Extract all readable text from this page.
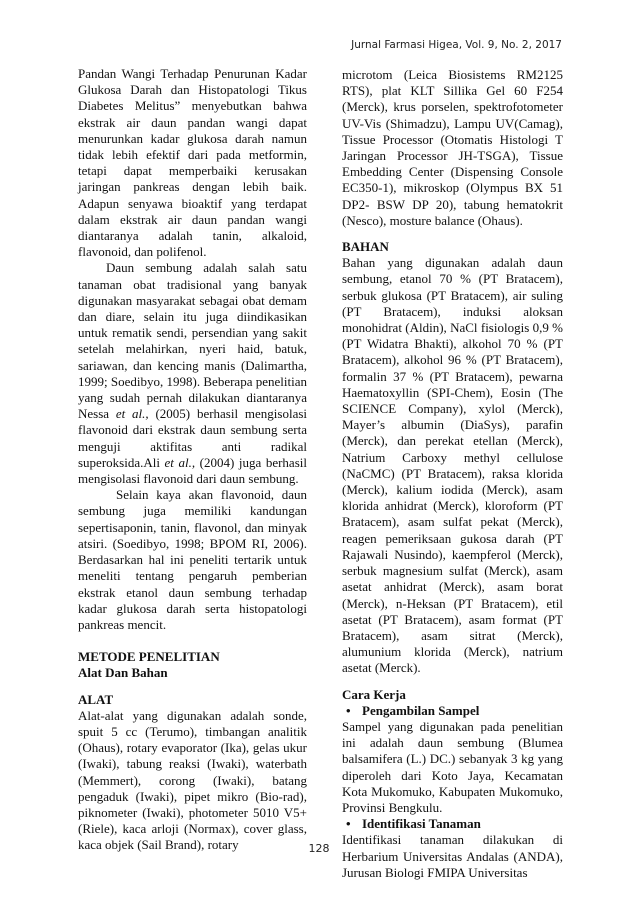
Jurnal Farmasi Higea, Vol. 9, No. 2, 2017

Pandan Wangi Terhadap Penurunan Kadar Glukosa Darah dan Histopatologi Tikus Diabetes Melitus” menyebutkan bahwa ekstrak air daun pandan wangi dapat menurunkan kadar glukosa darah namun tidak lebih efektif dari pada metformin, tetapi dapat memperbaiki kerusakan jaringan pankreas dengan lebih baik. Adapun senyawa bioaktif yang terdapat dalam ekstrak air daun pandan wangi diantaranya adalah tanin, alkaloid, flavonoid, dan polifenol.

Daun sembung adalah salah satu tanaman obat tradisional yang banyak digunakan masyarakat sebagai obat demam dan diare, selain itu juga diindikasikan untuk rematik sendi, persendian yang sakit setelah melahirkan, nyeri haid, batuk, sariawan, dan kencing manis (Dalimartha, 1999; Soedibyo, 1998). Beberapa penelitian yang sudah pernah dilakukan diantaranya Nessa et al., (2005) berhasil mengisolasi flavonoid dari ekstrak daun sembung serta menguji aktifitas anti radikal superoksida.Ali et al., (2004) juga berhasil mengisolasi flavonoid dari daun sembung.

Selain kaya akan flavonoid, daun sembung juga memiliki kandungan sepertisaponin, tanin, flavonol, dan minyak atsiri. (Soedibyo, 1998; BPOM RI, 2006). Berdasarkan hal ini peneliti tertarik untuk meneliti tentang pengaruh pemberian ekstrak etanol daun sembung terhadap kadar glukosa darah serta histopatologi pankreas mencit.

METODE PENELITIAN
Alat Dan Bahan
ALAT

Alat-alat yang digunakan adalah sonde, spuit 5 cc (Terumo), timbangan analitik (Ohaus), rotary evaporator (Ika), gelas ukur (Iwaki), tabung reaksi (Iwaki), waterbath (Memmert), corong (Iwaki), batang pengaduk (Iwaki), pipet mikro (Bio-rad), piknometer (Iwaki), photometer 5010 V5+ (Riele), kaca arloji (Normax), cover glass, kaca objek (Sail Brand), rotary

microtom (Leica Biosistems RM2125 RTS), plat KLT Sillika Gel 60 F254 (Merck), krus porselen, spektrofotometer UV-Vis (Shimadzu), Lampu UV(Camag), Tissue Processor (Otomatis Histologi T Jaringan Processor JH-TSGA), Tissue Embedding Center (Dispensing Console EC350-1), mikroskop (Olympus BX 51 DP2- BSW DP 20), tabung hematokrit (Nesco), mosture balance (Ohaus).

BAHAN

Bahan yang digunakan adalah daun sembung, etanol 70 % (PT Bratacem), serbuk glukosa (PT Bratacem), air suling (PT Bratacem), induksi aloksan monohidrat (Aldin), NaCl fisiologis 0,9 % (PT Widatra Bhakti), alkohol 70 % (PT Bratacem), alkohol 96 % (PT Bratacem), formalin 37 % (PT Bratacem), pewarna Haematoxyllin (SPI-Chem), Eosin (The SCIENCE Company), xylol (Merck), Mayer’s albumin (DiaSys), parafin (Merck), dan perekat etellan (Merck), Natrium Carboxy methyl cellulose (NaCMC) (PT Bratacem), raksa klorida (Merck), kalium iodida (Merck), asam klorida anhidrat (Merck), kloroform (PT Bratacem), asam sulfat pekat (Merck), reagen pemeriksaan gukosa darah (PT Rajawali Nusindo), kaempferol (Merck), serbuk magnesium sulfat (Merck), asam asetat anhidrat (Merck), asam borat (Merck), n-Heksan (PT Bratacem), etil asetat (PT Bratacem), asam format (PT Bratacem), asam sitrat (Merck), alumunium klorida (Merck), natrium asetat (Merck).

Cara Kerja

• Pengambilan Sampel

Sampel yang digunakan pada penelitian ini adalah daun sembung (Blumea balsamifera (L.) DC.) sebanyak 3 kg yang diperoleh dari Koto Jaya, Kecamatan Kota Mukomuko, Kabupaten Mukomuko, Provinsi Bengkulu.

• Identifikasi Tanaman

Identifikasi tanaman dilakukan di Herbarium Universitas Andalas (ANDA), Jurusan Biologi FMIPA Universitas

128
